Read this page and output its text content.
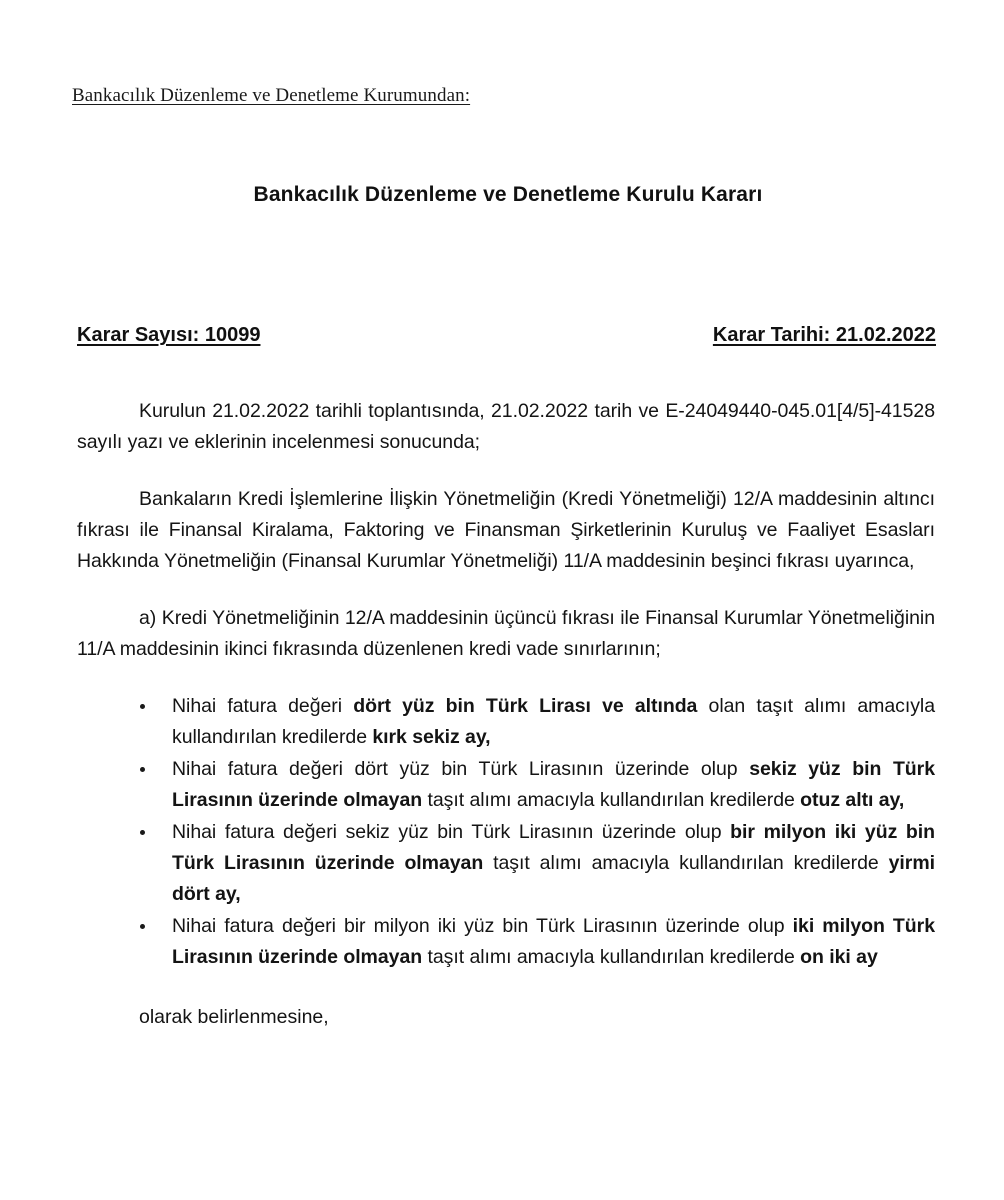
Bankacılık Düzenleme ve Denetleme Kurumundan:
Bankacılık Düzenleme ve Denetleme Kurulu Kararı
Karar Sayısı: 10099	Karar Tarihi: 21.02.2022

Kurulun 21.02.2022 tarihli toplantısında, 21.02.2022 tarih ve E-24049440-045.01[4/5]-41528 sayılı yazı ve eklerinin incelenmesi sonucunda;

Bankaların Kredi İşlemlerine İlişkin Yönetmeliğin (Kredi Yönetmeliği) 12/A maddesinin altıncı fıkrası ile Finansal Kiralama, Faktoring ve Finansman Şirketlerinin Kuruluş ve Faaliyet Esasları Hakkında Yönetmeliğin (Finansal Kurumlar Yönetmeliği) 11/A maddesinin beşinci fıkrası uyarınca,

a) Kredi Yönetmeliğinin 12/A maddesinin üçüncü fıkrası ile Finansal Kurumlar Yönetmeliğinin 11/A maddesinin ikinci fıkrasında düzenlenen kredi vade sınırlarının;

Nihai fatura değeri dört yüz bin Türk Lirası ve altında olan taşıt alımı amacıyla kullandırılan kredilerde kırk sekiz ay,
Nihai fatura değeri dört yüz bin Türk Lirasının üzerinde olup sekiz yüz bin Türk Lirasının üzerinde olmayan taşıt alımı amacıyla kullandırılan kredilerde otuz altı ay,
Nihai fatura değeri sekiz yüz bin Türk Lirasının üzerinde olup bir milyon iki yüz bin Türk Lirasının üzerinde olmayan taşıt alımı amacıyla kullandırılan kredilerde yirmi dört ay,
Nihai fatura değeri bir milyon iki yüz bin Türk Lirasının üzerinde olup iki milyon Türk Lirasının üzerinde olmayan taşıt alımı amacıyla kullandırılan kredilerde on iki ay

olarak belirlenmesine,
